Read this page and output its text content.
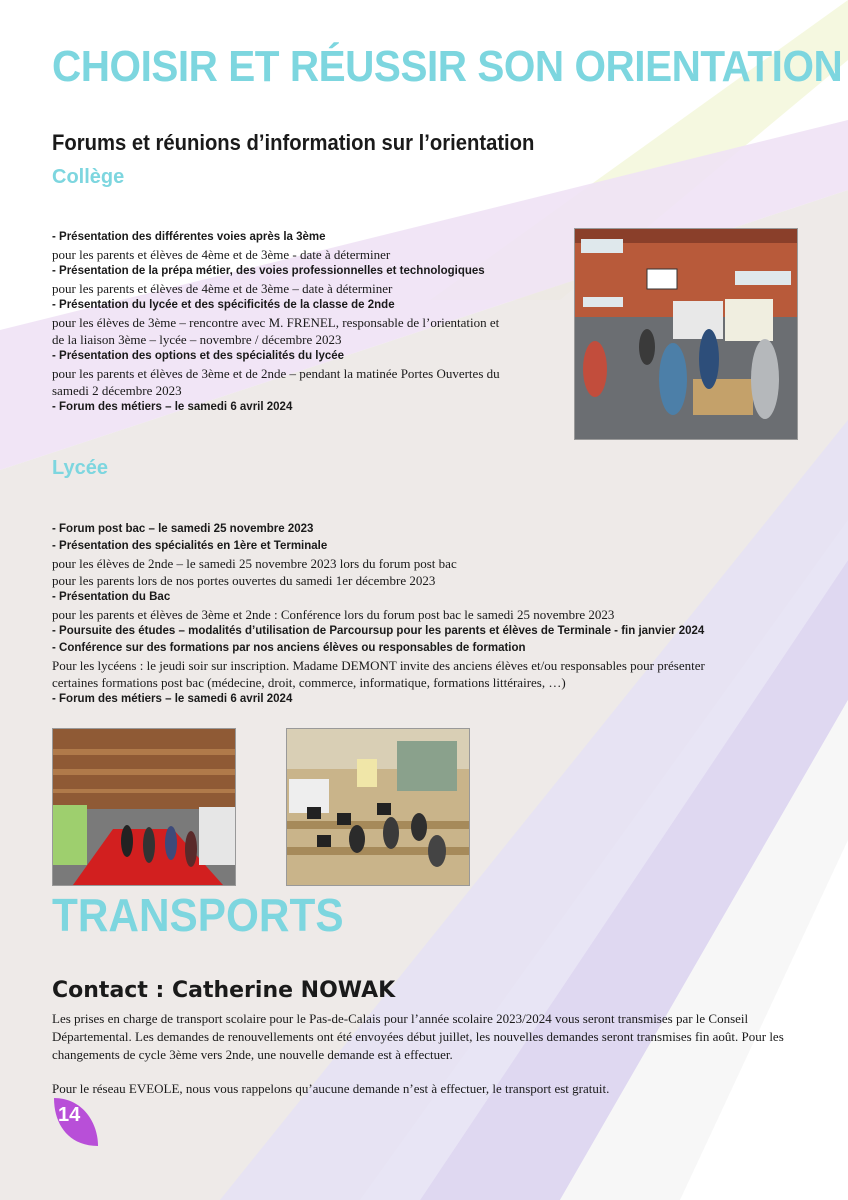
CHOISIR ET RÉUSSIR SON ORIENTATION
Forums et réunions d’information sur l’orientation
Collège

- Présentation des différentes voies après la 3ème

pour les parents et élèves de 4ème et de 3ème - date à déterminer

- Présentation de la prépa métier, des voies professionnelles et technologiques

pour les parents et élèves de 4ème et de 3ème – date à déterminer

- Présentation du lycée et des spécificités de la classe de 2nde

pour les élèves de 3ème – rencontre avec M. FRENEL, responsable de l’orientation et

de la liaison 3ème – lycée – novembre / décembre 2023

- Présentation des options et des spécialités du lycée

pour les parents et élèves de 3ème et de 2nde – pendant la matinée Portes Ouvertes du

samedi 2 décembre 2023

- Forum des métiers – le samedi 6 avril 2024

Lycée

- Forum post bac – le samedi 25 novembre 2023

- Présentation des spécialités en 1ère et Terminale

pour les élèves de 2nde – le samedi 25 novembre 2023 lors du forum post bac

pour les parents lors de nos portes ouvertes du samedi 1er décembre 2023

- Présentation du Bac

pour les parents et élèves de 3ème et 2nde : Conférence lors du forum post bac le samedi 25 novembre 2023

- Poursuite des études – modalités d’utilisation de Parcoursup pour les parents et élèves de Terminale - fin janvier 2024

- Conférence sur des formations par nos anciens élèves ou responsables de formation

Pour les lycéens : le jeudi soir sur inscription. Madame DEMONT invite des anciens élèves et/ou responsables pour présenter

certaines formations post bac (médecine, droit, commerce, informatique, formations littéraires, …)

- Forum des métiers – le samedi 6 avril 2024

TRANSPORTS
Contact : Catherine NOWAK

Les prises en charge de transport scolaire pour le Pas-de-Calais pour l’année scolaire 2023/2024 vous seront transmises par le Conseil Départemental. Les demandes de renouvellements ont été envoyées début juillet, les nouvelles demandes seront transmises fin août. Pour les changements de cycle 3ème vers 2nde, une nouvelle demande est à effectuer.

Pour le réseau EVEOLE, nous vous rappelons qu’aucune demande n’est à effectuer, le transport est gratuit.

14
